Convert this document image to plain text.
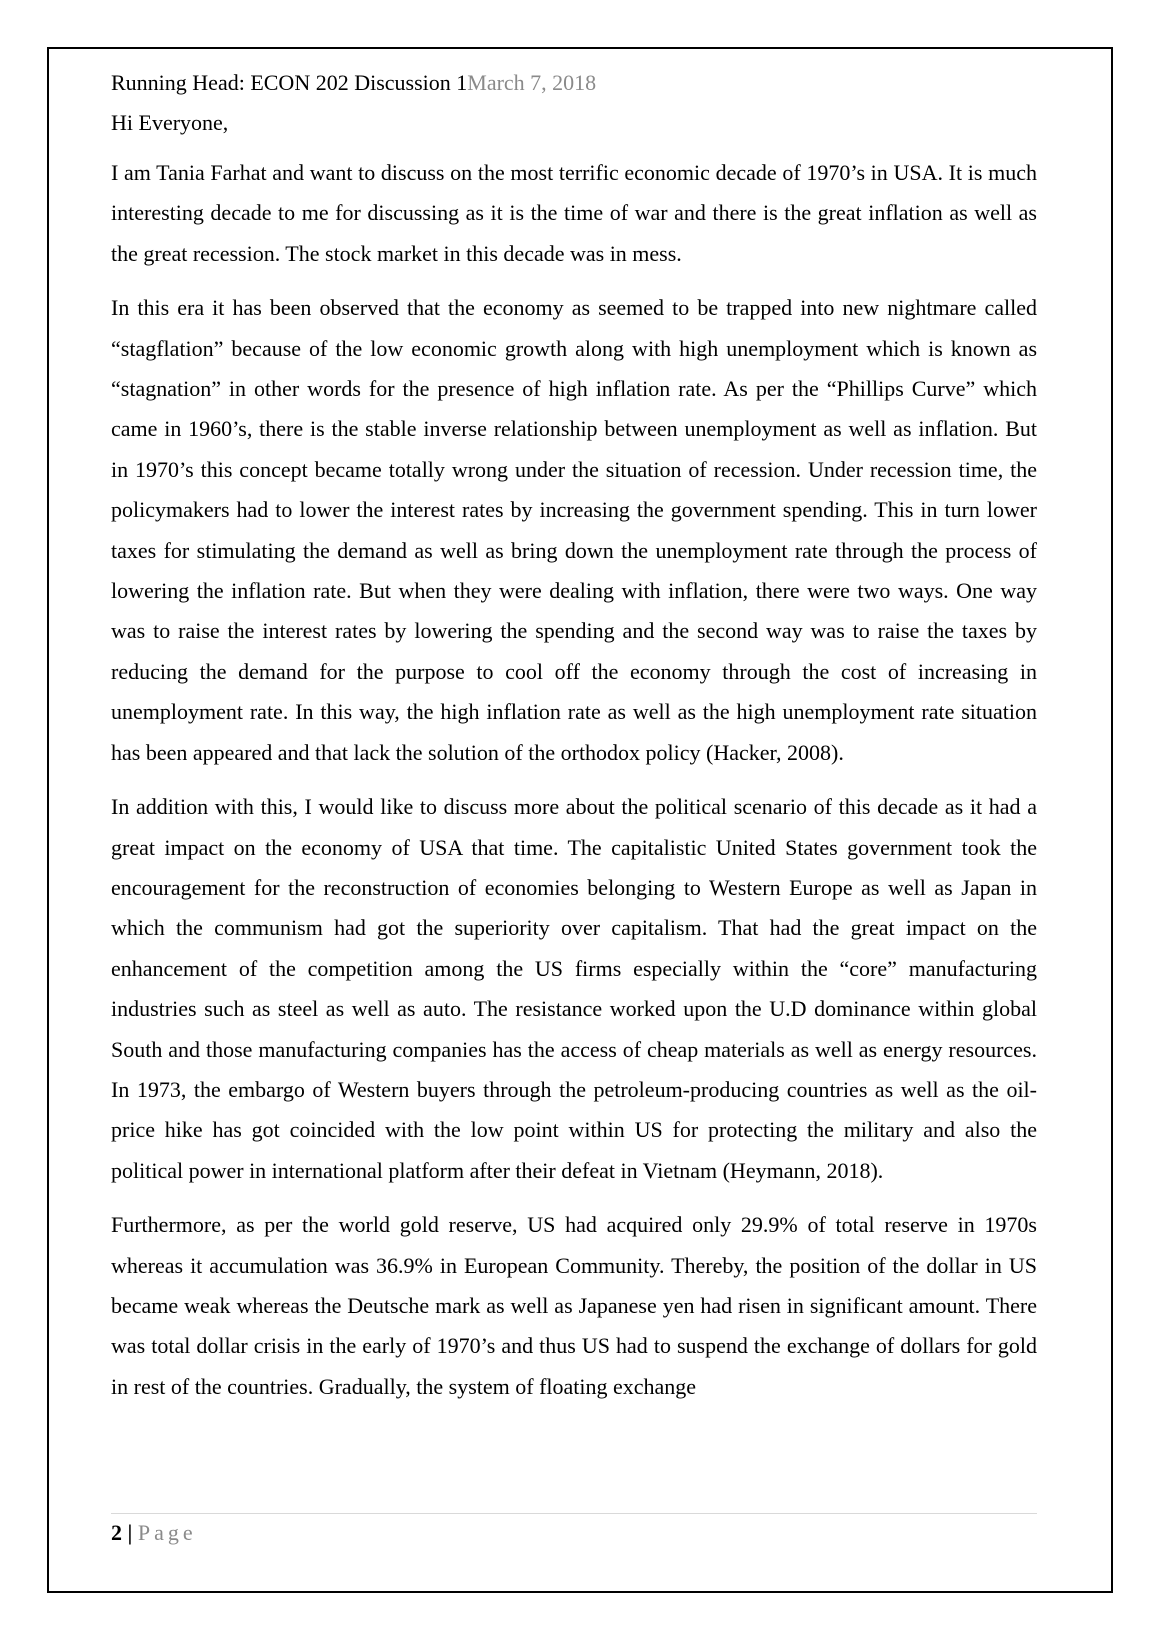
Running Head: ECON 202 Discussion 1March 7, 2018

Hi Everyone,

I am Tania Farhat and want to discuss on the most terrific economic decade of 1970’s in USA. It is much interesting decade to me for discussing as it is the time of war and there is the great inflation as well as the great recession. The stock market in this decade was in mess.

In this era it has been observed that the economy as seemed to be trapped into new nightmare called “stagflation” because of the low economic growth along with high unemployment which is known as “stagnation” in other words for the presence of high inflation rate. As per the “Phillips Curve” which came in 1960’s, there is the stable inverse relationship between unemployment as well as inflation. But in 1970’s this concept became totally wrong under the situation of recession. Under recession time, the policymakers had to lower the interest rates by increasing the government spending. This in turn lower taxes for stimulating the demand as well as bring down the unemployment rate through the process of lowering the inflation rate. But when they were dealing with inflation, there were two ways. One way was to raise the interest rates by lowering the spending and the second way was to raise the taxes by reducing the demand for the purpose to cool off the economy through the cost of increasing in unemployment rate. In this way, the high inflation rate as well as the high unemployment rate situation has been appeared and that lack the solution of the orthodox policy (Hacker, 2008).

In addition with this, I would like to discuss more about the political scenario of this decade as it had a great impact on the economy of USA that time. The capitalistic United States government took the encouragement for the reconstruction of economies belonging to Western Europe as well as Japan in which the communism had got the superiority over capitalism. That had the great impact on the enhancement of the competition among the US firms especially within the “core” manufacturing industries such as steel as well as auto. The resistance worked upon the U.D dominance within global South and those manufacturing companies has the access of cheap materials as well as energy resources. In 1973, the embargo of Western buyers through the petroleum-producing countries as well as the oil-price hike has got coincided with the low point within US for protecting the military and also the political power in international platform after their defeat in Vietnam (Heymann, 2018).

Furthermore, as per the world gold reserve, US had acquired only 29.9% of total reserve in 1970s whereas it accumulation was 36.9% in European Community. Thereby, the position of the dollar in US became weak whereas the Deutsche mark as well as Japanese yen had risen in significant amount. There was total dollar crisis in the early of 1970’s and thus US had to suspend the exchange of dollars for gold in rest of the countries. Gradually, the system of floating exchange

2 | Page
